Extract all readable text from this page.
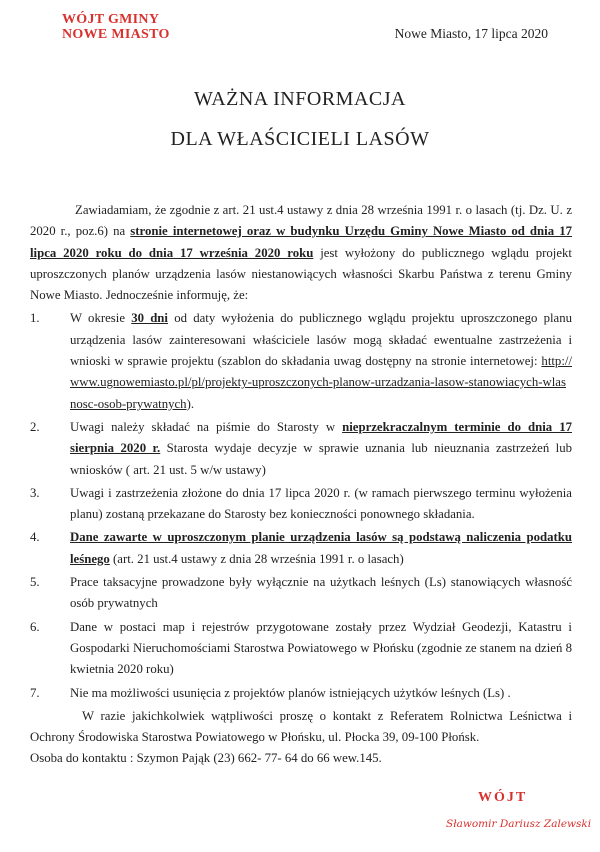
WÓJT GMINY
NOWE MIASTO	Nowe Miasto, 17 lipca 2020
WAŻNA INFORMACJA
DLA WŁAŚCICIELI LASÓW

Zawiadamiam, że zgodnie z art. 21 ust.4 ustawy z dnia 28 września 1991 r. o lasach (tj. Dz. U. z 2020 r., poz.6) na stronie internetowej oraz w budynku Urzędu Gminy Nowe Miasto od dnia 17 lipca 2020 roku do dnia 17 września 2020 roku jest wyłożony do publicznego wglądu projekt uproszczonych planów urządzenia lasów niestanowiących własności Skarbu Państwa z terenu Gminy Nowe Miasto. Jednocześnie informuję, że:

1. W okresie 30 dni od daty wyłożenia do publicznego wglądu projektu uproszczonego planu urządzenia lasów zainteresowani właściciele lasów mogą składać ewentualne zastrzeżenia i wnioski w sprawie projektu (szablon do składania uwag dostępny na stronie internetowej: http://www.ugnowemiasto.pl/pl/projekty-uproszczonych-planow-urzadzania-lasow-stanowiacych-wlasnosc-osob-prywatnych).
2. Uwagi należy składać na piśmie do Starosty w nieprzekraczalnym terminie do dnia 17 sierpnia 2020 r. Starosta wydaje decyzje w sprawie uznania lub nieuznania zastrzeżeń lub wniosków ( art. 21 ust. 5 w/w ustawy)
3. Uwagi i zastrzeżenia złożone do dnia 17 lipca 2020 r. (w ramach pierwszego terminu wyłożenia planu) zostaną przekazane do Starosty bez konieczności ponownego składania.
4. Dane zawarte w uproszczonym planie urządzenia lasów są podstawą naliczenia podatku leśnego (art. 21 ust.4 ustawy z dnia 28 września 1991 r. o lasach)
5. Prace taksacyjne prowadzone były wyłącznie na użytkach leśnych (Ls) stanowiących własność osób prywatnych
6. Dane w postaci map i rejestrów przygotowane zostały przez Wydział Geodezji, Katastru i Gospodarki Nieruchomościami Starostwa Powiatowego w Płońsku (zgodnie ze stanem na dzień 8 kwietnia 2020 roku)
7. Nie ma możliwości usunięcia z projektów planów istniejących użytków leśnych (Ls) .

W razie jakichkolwiek wątpliwości proszę o kontakt z Referatem Rolnictwa Leśnictwa i Ochrony Środowiska Starostwa Powiatowego w Płońsku, ul. Płocka 39, 09-100 Płońsk.

Osoba do kontaktu : Szymon Pająk (23) 662- 77- 64 do 66 wew.145.

WÓJT
Sławomir Dariusz Zalewski
